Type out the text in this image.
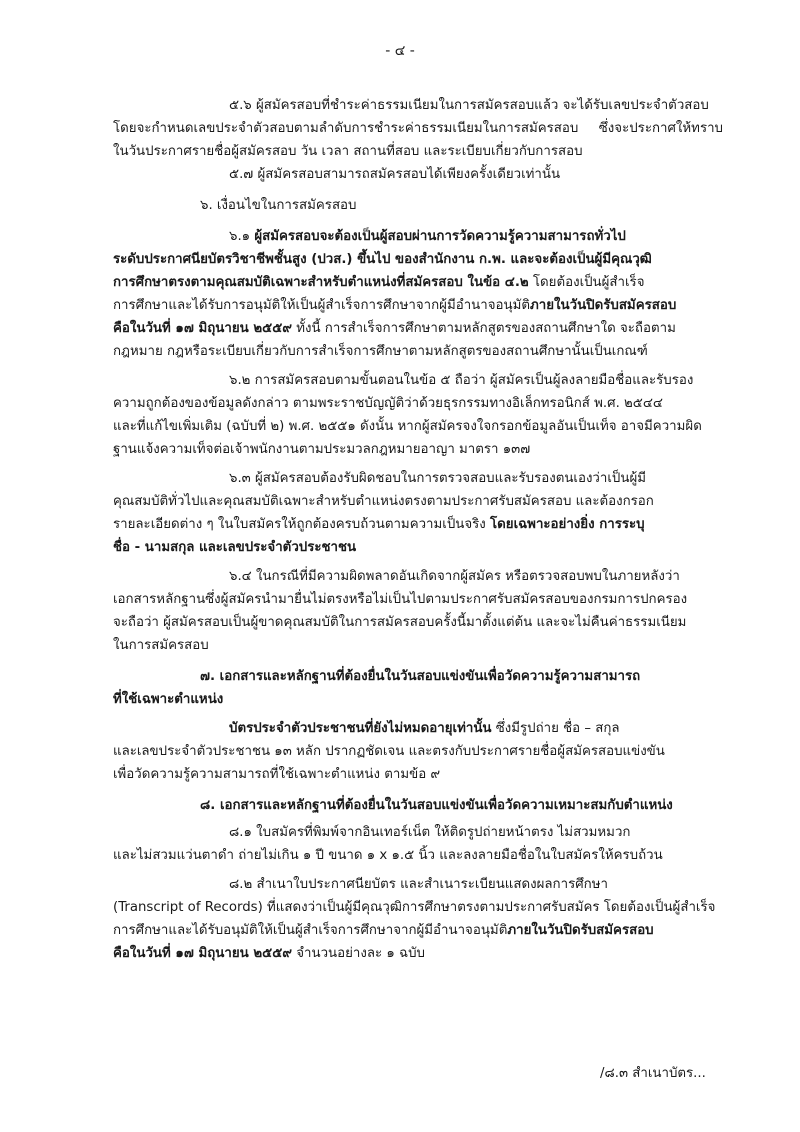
- ๔ -
๕.๖ ผู้สมัครสอบที่ชำระค่าธรรมเนียมในการสมัครสอบแล้ว จะได้รับเลขประจำตัวสอบ
โดยจะกำหนดเลขประจำตัวสอบตามลำดับการชำระค่าธรรมเนียมในการสมัครสอบ ซึ่งจะประกาศให้ทราบ
ในวันประกาศรายชื่อผู้สมัครสอบ วัน เวลา สถานที่สอบ และระเบียบเกี่ยวกับการสอบ
๕.๗ ผู้สมัครสอบสามารถสมัครสอบได้เพียงครั้งเดียวเท่านั้น
๖. เงื่อนไขในการสมัครสอบ
๖.๑ ผู้สมัครสอบจะต้องเป็นผู้สอบผ่านการวัดความรู้ความสามารถทั่วไป
ระดับประกาศนียบัตรวิชาชีพชั้นสูง (ปวส.) ขึ้นไป ของสำนักงาน ก.พ. และจะต้องเป็นผู้มีคุณวุฒิ
การศึกษาตรงตามคุณสมบัติเฉพาะสำหรับตำแหน่งที่สมัครสอบ ในข้อ ๔.๒ โดยต้องเป็นผู้สำเร็จ
การศึกษาและได้รับการอนุมัติให้เป็นผู้สำเร็จการศึกษาจากผู้มีอำนาจอนุมัติภายในวันปิดรับสมัครสอบ
คือในวันที่ ๑๗ มิถุนายน ๒๕๕๙ ทั้งนี้ การสำเร็จการศึกษาตามหลักสูตรของสถานศึกษาใด จะถือตาม
กฎหมาย กฎหรือระเบียบเกี่ยวกับการสำเร็จการศึกษาตามหลักสูตรของสถานศึกษานั้นเป็นเกณฑ์
๖.๒ การสมัครสอบตามขั้นตอนในข้อ ๕ ถือว่า ผู้สมัครเป็นผู้ลงลายมือชื่อและรับรอง
ความถูกต้องของข้อมูลดังกล่าว ตามพระราชบัญญัติว่าด้วยธุรกรรมทางอิเล็กทรอนิกส์ พ.ศ. ๒๕๔๔
และที่แก้ไขเพิ่มเติม (ฉบับที่ ๒) พ.ศ. ๒๕๕๑ ดังนั้น หากผู้สมัครจงใจกรอกข้อมูลอันเป็นเท็จ อาจมีความผิด
ฐานแจ้งความเท็จต่อเจ้าพนักงานตามประมวลกฎหมายอาญา มาตรา ๑๓๗
๖.๓ ผู้สมัครสอบต้องรับผิดชอบในการตรวจสอบและรับรองตนเองว่าเป็นผู้มี
คุณสมบัติทั่วไปและคุณสมบัติเฉพาะสำหรับตำแหน่งตรงตามประกาศรับสมัครสอบ และต้องกรอก
รายละเอียดต่าง ๆ ในใบสมัครให้ถูกต้องครบถ้วนตามความเป็นจริง โดยเฉพาะอย่างยิ่ง การระบุ
ชื่อ - นามสกุล และเลขประจำตัวประชาชน
๖.๔ ในกรณีที่มีความผิดพลาดอันเกิดจากผู้สมัคร หรือตรวจสอบพบในภายหลังว่า
เอกสารหลักฐานซึ่งผู้สมัครนำมายื่นไม่ตรงหรือไม่เป็นไปตามประกาศรับสมัครสอบของกรมการปกครอง
จะถือว่า ผู้สมัครสอบเป็นผู้ขาดคุณสมบัติในการสมัครสอบครั้งนี้มาตั้งแต่ต้น และจะไม่คืนค่าธรรมเนียม
ในการสมัครสอบ
๗. เอกสารและหลักฐานที่ต้องยื่นในวันสอบแข่งขันเพื่อวัดความรู้ความสามารถ
ที่ใช้เฉพาะตำแหน่ง
บัตรประจำตัวประชาชนที่ยังไม่หมดอายุเท่านั้น ซึ่งมีรูปถ่าย ชื่อ – สกุล
และเลขประจำตัวประชาชน ๑๓ หลัก ปรากฏชัดเจน และตรงกับประกาศรายชื่อผู้สมัครสอบแข่งขัน
เพื่อวัดความรู้ความสามารถที่ใช้เฉพาะตำแหน่ง ตามข้อ ๙
๘. เอกสารและหลักฐานที่ต้องยื่นในวันสอบแข่งขันเพื่อวัดความเหมาะสมกับตำแหน่ง
๘.๑ ใบสมัครที่พิมพ์จากอินเทอร์เน็ต ให้ติดรูปถ่ายหน้าตรง ไม่สวมหมวก
และไม่สวมแว่นตาดำ ถ่ายไม่เกิน ๑ ปี ขนาด ๑ x ๑.๕ นิ้ว และลงลายมือชื่อในใบสมัครให้ครบถ้วน
๘.๒ สำเนาใบประกาศนียบัตร และสำเนาระเบียนแสดงผลการศึกษา
(Transcript of Records) ที่แสดงว่าเป็นผู้มีคุณวุฒิการศึกษาตรงตามประกาศรับสมัคร โดยต้องเป็นผู้สำเร็จ
การศึกษาและได้รับอนุมัติให้เป็นผู้สำเร็จการศึกษาจากผู้มีอำนาจอนุมัติภายในวันปิดรับสมัครสอบ
คือในวันที่ ๑๗ มิถุนายน ๒๕๕๙ จำนวนอย่างละ ๑ ฉบับ
/๘.๓ สำเนาบัตร...
